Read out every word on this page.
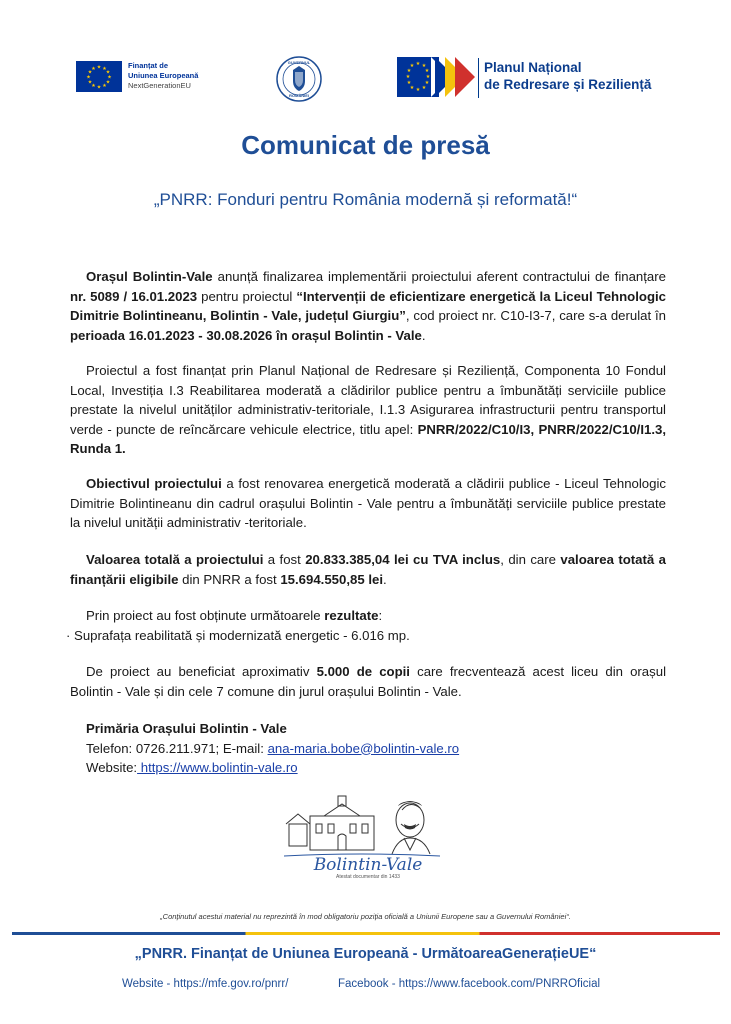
★ ★
★
★
★
★
★
★
★
★
★
★	Finanțat de
Uniunea Europeană
NextGenerationEU
GUVERNUL
ROMÂNIEI
★ ★
★
★
★
★
★
★
★
★
★
★	Planul Național
de Redresare și Reziliență
Comunicat de presă
„PNRR: Fonduri pentru România modernă și reformată!“
Orașul Bolintin-Vale anunță finalizarea implementării proiectului aferent contractului de finanțare nr. 5089 / 16.01.2023 pentru proiectul “Intervenții de eficientizare energetică la Liceul Tehnologic Dimitrie Bolintineanu, Bolintin - Vale, județul Giurgiu”, cod proiect nr. C10-I3-7, care s-a derulat în perioada 16.01.2023 - 30.08.2026 în orașul Bolintin - Vale.
Proiectul a fost finanțat prin Planul Național de Redresare și Reziliență, Componenta 10 Fondul Local, Investiția I.3 Reabilitarea moderată a clădirilor publice pentru a îmbunătăți serviciile publice prestate la nivelul unităților administrativ-teritoriale, I.1.3 Asigurarea infrastructurii pentru transportul verde - puncte de reîncărcare vehicule electrice, titlu apel: PNRR/2022/C10/I3, PNRR/2022/C10/I1.3, Runda 1.
Obiectivul proiectului a fost renovarea energetică moderată a clădirii publice - Liceul Tehnologic Dimitrie Bolintineanu din cadrul orașului Bolintin - Vale pentru a îmbunătăți serviciile publice prestate la nivelul unității administrativ -teritoriale.
Valoarea totală a proiectului a fost 20.833.385,04 lei cu TVA inclus, din care valoarea totată a finanțării eligibile din PNRR a fost 15.694.550,85 lei.
Prin proiect au fost obținute următoarele rezultate:
· Suprafața reabilitată și modernizată energetic - 6.016 mp.
De proiect au beneficiat aproximativ 5.000 de copii care frecventează acest liceu din orașul Bolintin - Vale și din cele 7 comune din jurul orașului Bolintin - Vale.
Primăria Orașului Bolintin - Vale
Telefon: 0726.211.971; E-mail: ana-maria.bobe@bolintin-vale.ro
Website: https://www.bolintin-vale.ro
Bolintin-Vale
Atestat documentar din 1433
„Conținutul acestui material nu reprezintă în mod obligatoriu poziția oficială a Uniunii Europene sau a Guvernului României“.
„PNRR. Finanțat de Uniunea Europeană - UrmătoareaGenerațieUE“
Website - https://mfe.gov.ro/pnrr/	Facebook - https://www.facebook.com/PNRROficial
